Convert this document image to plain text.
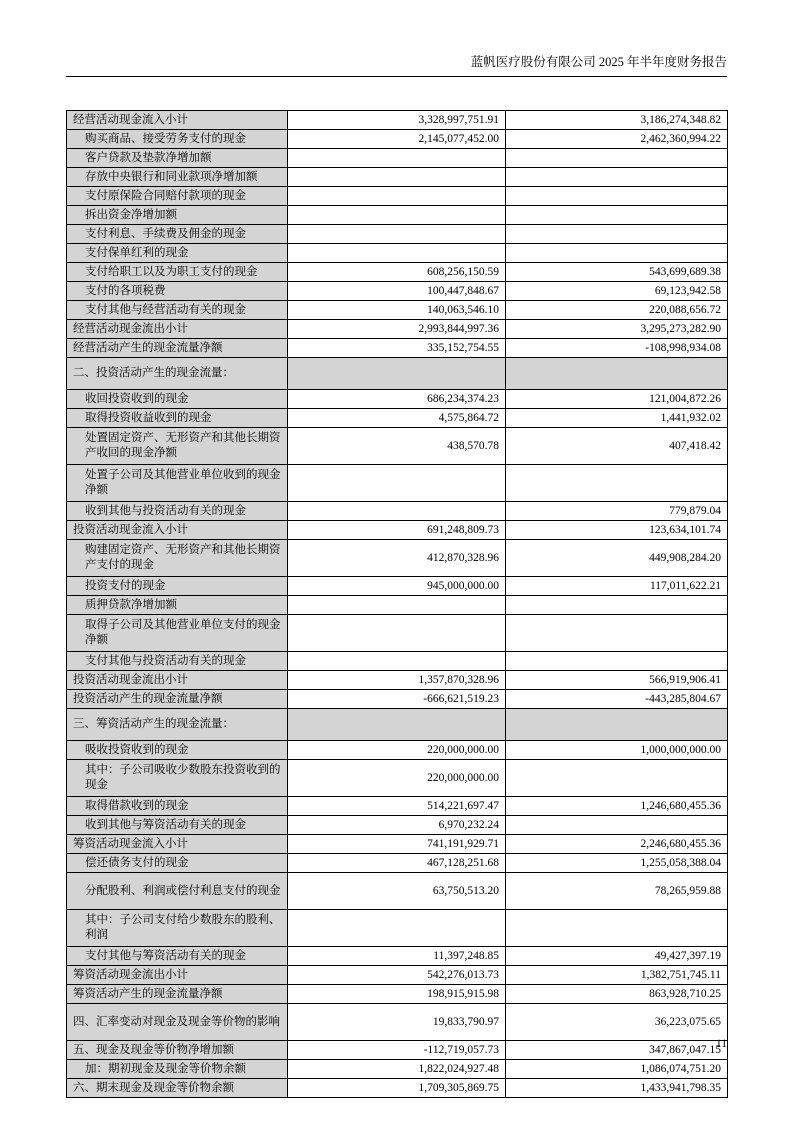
蓝帆医疗股份有限公司 2025 年半年度财务报告
经营活动现金流入小计	3,328,997,751.91	3,186,274,348.82
购买商品、接受劳务支付的现金	2,145,077,452.00	2,462,360,994.22
客户贷款及垫款净增加额		
存放中央银行和同业款项净增加额		
支付原保险合同赔付款项的现金		
拆出资金净增加额		
支付利息、手续费及佣金的现金		
支付保单红利的现金		
支付给职工以及为职工支付的现金	608,256,150.59	543,699,689.38
支付的各项税费	100,447,848.67	69,123,942.58
支付其他与经营活动有关的现金	140,063,546.10	220,088,656.72
经营活动现金流出小计	2,993,844,997.36	3,295,273,282.90
经营活动产生的现金流量净额	335,152,754.55	-108,998,934.08
二、投资活动产生的现金流量：		
收回投资收到的现金	686,234,374.23	121,004,872.26
取得投资收益收到的现金	4,575,864.72	1,441,932.02
处置固定资产、无形资产和其他长期资产收回的现金净额	438,570.78	407,418.42
处置子公司及其他营业单位收到的现金净额		
收到其他与投资活动有关的现金		779,879.04
投资活动现金流入小计	691,248,809.73	123,634,101.74
购建固定资产、无形资产和其他长期资产支付的现金	412,870,328.96	449,908,284.20
投资支付的现金	945,000,000.00	117,011,622.21
质押贷款净增加额		
取得子公司及其他营业单位支付的现金净额		
支付其他与投资活动有关的现金		
投资活动现金流出小计	1,357,870,328.96	566,919,906.41
投资活动产生的现金流量净额	-666,621,519.23	-443,285,804.67
三、筹资活动产生的现金流量：		
吸收投资收到的现金	220,000,000.00	1,000,000,000.00
其中：子公司吸收少数股东投资收到的现金	220,000,000.00	
取得借款收到的现金	514,221,697.47	1,246,680,455.36
收到其他与筹资活动有关的现金	6,970,232.24	
筹资活动现金流入小计	741,191,929.71	2,246,680,455.36
偿还债务支付的现金	467,128,251.68	1,255,058,388.04
分配股利、利润或偿付利息支付的现金	63,750,513.20	78,265,959.88
其中：子公司支付给少数股东的股利、利润		
支付其他与筹资活动有关的现金	11,397,248.85	49,427,397.19
筹资活动现金流出小计	542,276,013.73	1,382,751,745.11
筹资活动产生的现金流量净额	198,915,915.98	863,928,710.25
四、汇率变动对现金及现金等价物的影响	19,833,790.97	36,223,075.65
五、现金及现金等价物净增加额	-112,719,057.73	347,867,047.15
加：期初现金及现金等价物余额	1,822,024,927.48	1,086,074,751.20
六、期末现金及现金等价物余额	1,709,305,869.75	1,433,941,798.35
11
